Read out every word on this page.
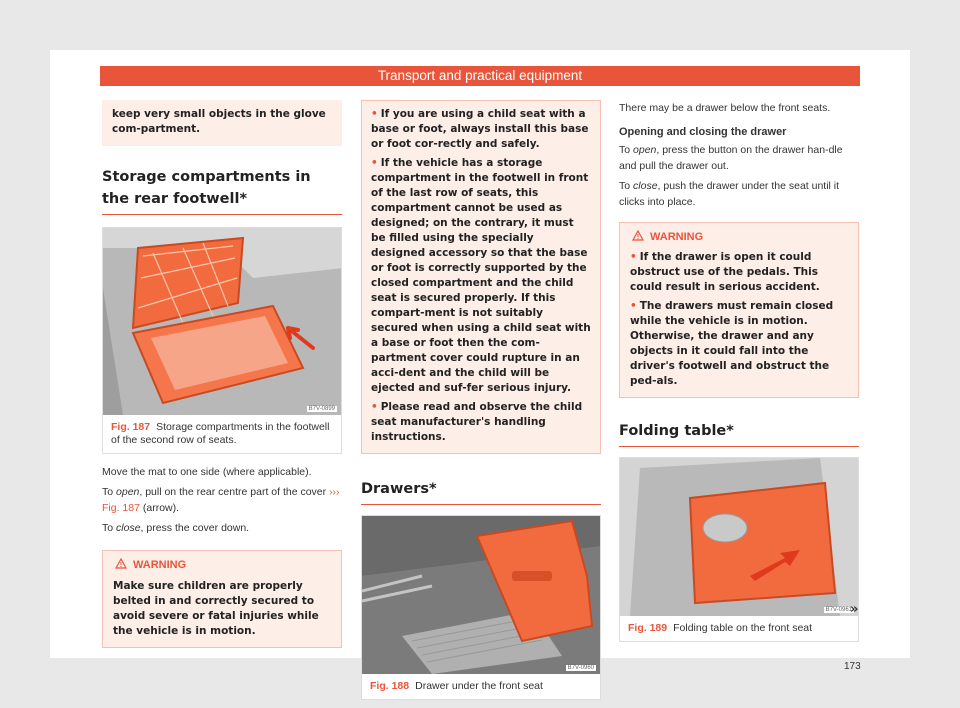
Transport and practical equipment
keep very small objects in the glove com-partment.
Storage compartments in the rear footwell*
B7V-0899
Fig. 187 Storage compartments in the footwell of the second row of seats.
Move the mat to one side (where applicable).
To open, pull on the rear centre part of the cover ››› Fig. 187 (arrow).
To close, press the cover down.
WARNING
Make sure children are properly belted in and correctly secured to avoid severe or fatal injuries while the vehicle is in motion.
• If you are using a child seat with a base or foot, always install this base or foot cor-rectly and safely.
• If the vehicle has a storage compartment in the footwell in front of the last row of seats, this compartment cannot be used as designed; on the contrary, it must be filled using the specially designed accessory so that the base or foot is correctly supported by the closed compartment and the child seat is secured properly. If this compart-ment is not suitably secured when using a child seat with a base or foot then the com-partment cover could rupture in an acci-dent and the child will be ejected and suf-fer serious injury.
• Please read and observe the child seat manufacturer's handling instructions.
Drawers*
B7V-0960
Fig. 188 Drawer under the front seat
There may be a drawer below the front seats.
Opening and closing the drawer
To open, press the button on the drawer han-dle and pull the drawer out.
To close, push the drawer under the seat until it clicks into place.
WARNING
• If the drawer is open it could obstruct use of the pedals. This could result in serious accident.
• The drawers must remain closed while the vehicle is in motion. Otherwise, the drawer and any objects in it could fall into the driver's footwell and obstruct the ped-als.
Folding table*
B7V-0961
Fig. 189 Folding table on the front seat
»
173
